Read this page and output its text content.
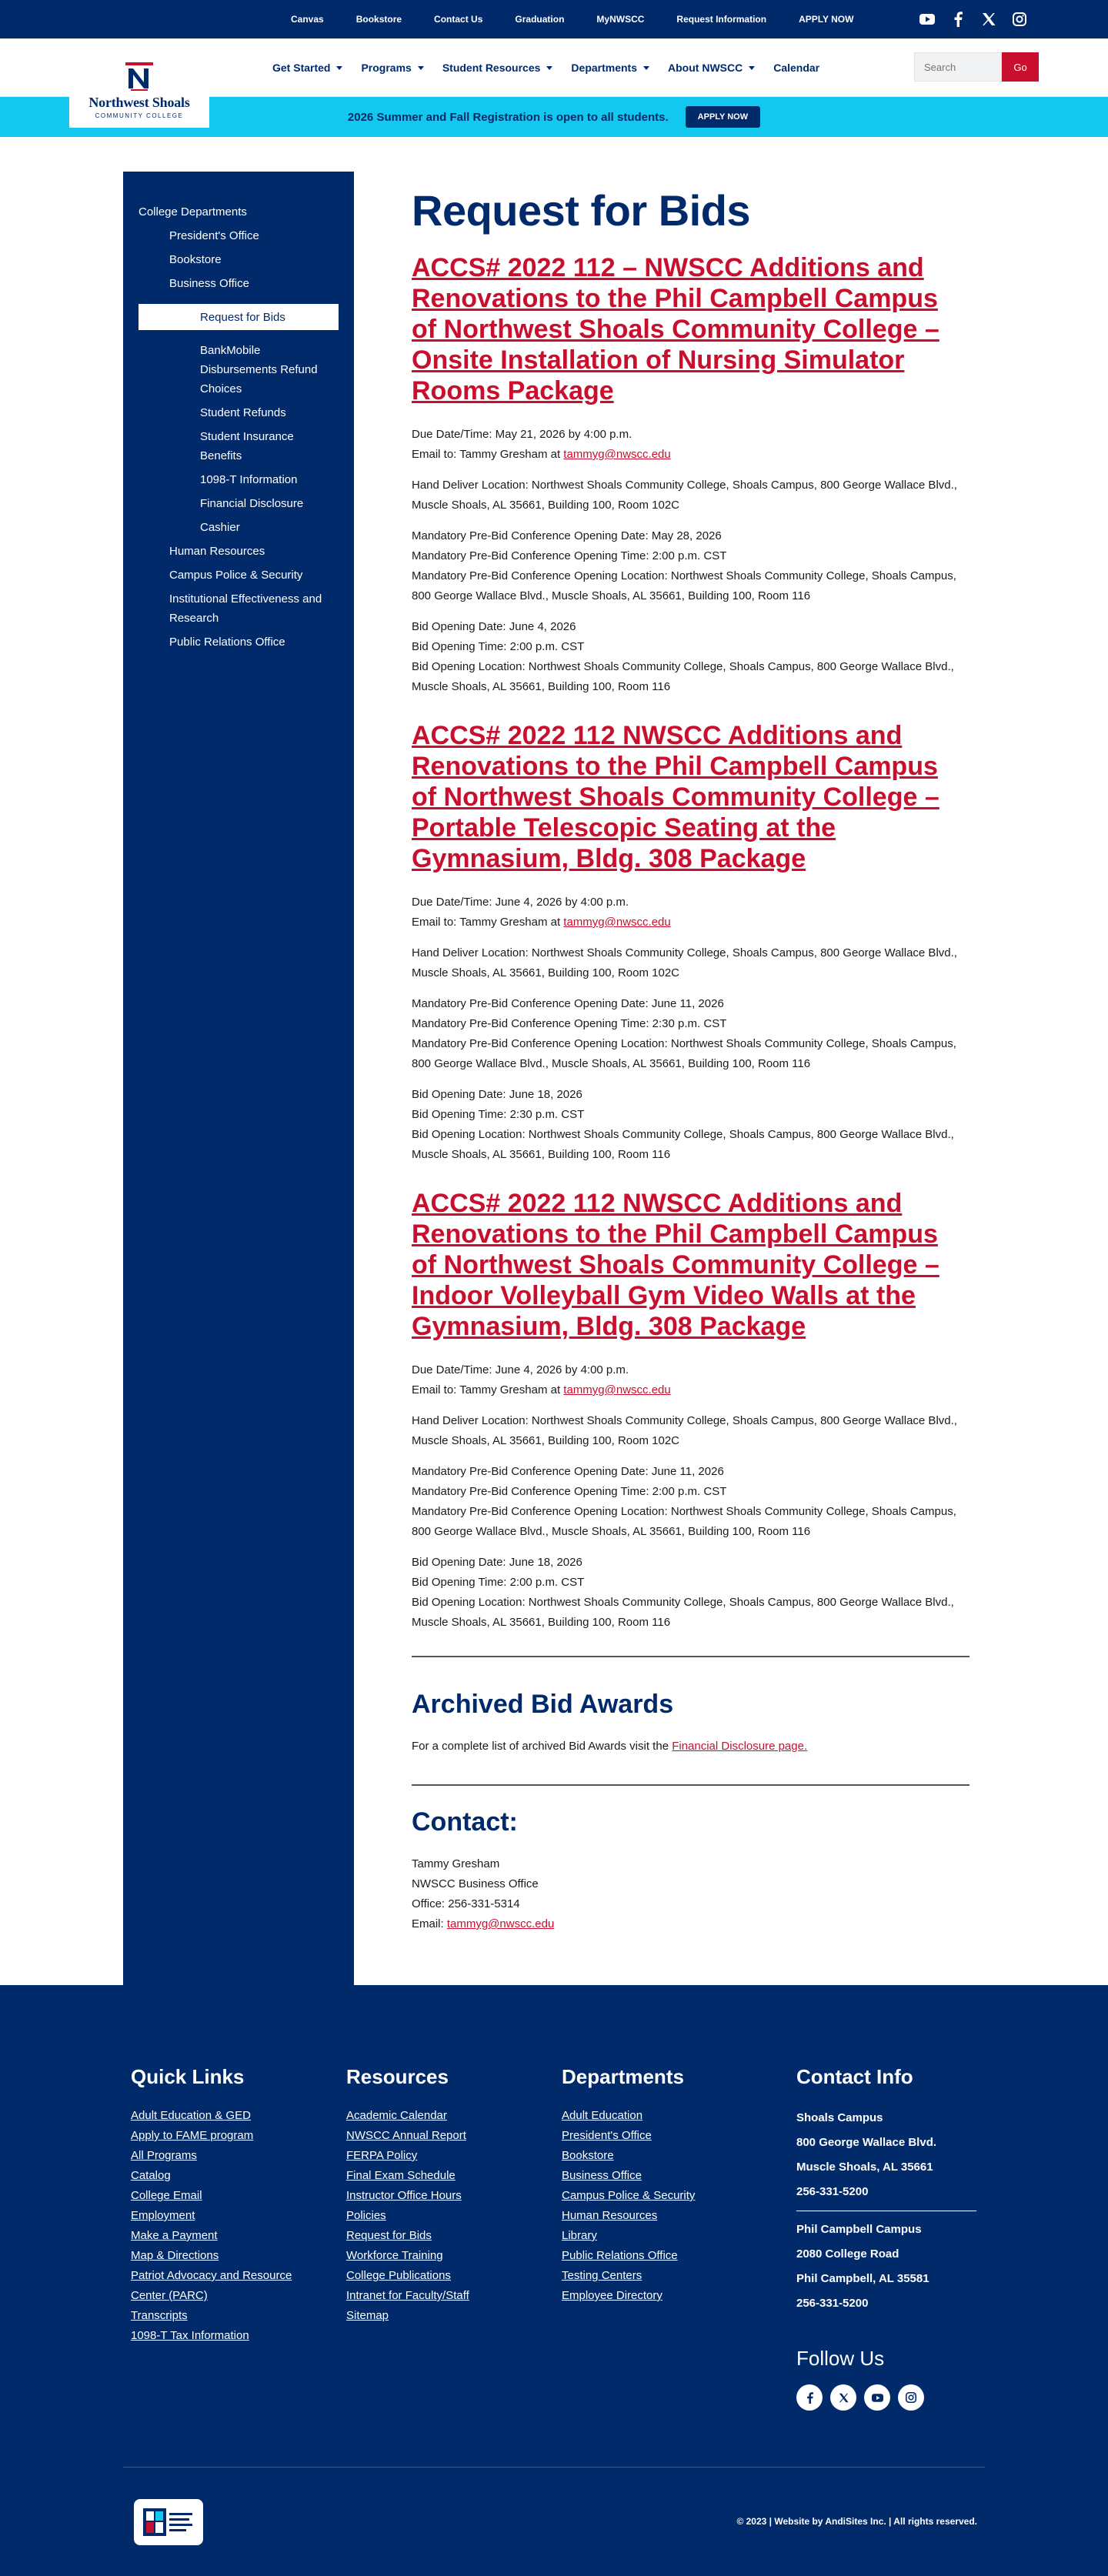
Canvas	Bookstore	Contact Us	Graduation	MyNWSCC	Request Information	APPLY NOW
Northwest Shoals
COMMUNITY COLLEGE
Get Started	Programs	Student Resources	Departments	About NWSCC	Calendar
Search	Go
2026 Summer and Fall Registration is open to all students.	APPLY NOW
College Departments
President's Office
Bookstore
Business Office
Request for Bids
BankMobile Disbursements Refund Choices
Student Refunds
Student Insurance Benefits
1098-T Information
Financial Disclosure
Cashier
Human Resources
Campus Police & Security
Institutional Effectiveness and Research
Public Relations Office
Request for Bids
ACCS# 2022 112 – NWSCC Additions and Renovations to the Phil Campbell Campus of Northwest Shoals Community College – Onsite Installation of Nursing Simulator Rooms Package

Due Date/Time: May 21, 2026 by 4:00 p.m.
Email to: Tammy Gresham at tammyg@nwscc.edu

Hand Deliver Location: Northwest Shoals Community College, Shoals Campus, 800 George Wallace Blvd., Muscle Shoals, AL 35661, Building 100, Room 102C

Mandatory Pre-Bid Conference Opening Date: May 28, 2026
Mandatory Pre-Bid Conference Opening Time: 2:00 p.m. CST
Mandatory Pre-Bid Conference Opening Location: Northwest Shoals Community College, Shoals Campus, 800 George Wallace Blvd., Muscle Shoals, AL 35661, Building 100, Room 116

Bid Opening Date: June 4, 2026
Bid Opening Time: 2:00 p.m. CST
Bid Opening Location: Northwest Shoals Community College, Shoals Campus, 800 George Wallace Blvd., Muscle Shoals, AL 35661, Building 100, Room 116

ACCS# 2022 112 NWSCC Additions and Renovations to the Phil Campbell Campus of Northwest Shoals Community College – Portable Telescopic Seating at the Gymnasium, Bldg. 308 Package

Due Date/Time: June 4, 2026 by 4:00 p.m.
Email to: Tammy Gresham at tammyg@nwscc.edu

Hand Deliver Location: Northwest Shoals Community College, Shoals Campus, 800 George Wallace Blvd., Muscle Shoals, AL 35661, Building 100, Room 102C

Mandatory Pre-Bid Conference Opening Date: June 11, 2026
Mandatory Pre-Bid Conference Opening Time: 2:30 p.m. CST
Mandatory Pre-Bid Conference Opening Location: Northwest Shoals Community College, Shoals Campus, 800 George Wallace Blvd., Muscle Shoals, AL 35661, Building 100, Room 116

Bid Opening Date: June 18, 2026
Bid Opening Time: 2:30 p.m. CST
Bid Opening Location: Northwest Shoals Community College, Shoals Campus, 800 George Wallace Blvd., Muscle Shoals, AL 35661, Building 100, Room 116

ACCS# 2022 112 NWSCC Additions and Renovations to the Phil Campbell Campus of Northwest Shoals Community College – Indoor Volleyball Gym Video Walls at the Gymnasium, Bldg. 308 Package

Due Date/Time: June 4, 2026 by 4:00 p.m.
Email to: Tammy Gresham at tammyg@nwscc.edu

Hand Deliver Location: Northwest Shoals Community College, Shoals Campus, 800 George Wallace Blvd., Muscle Shoals, AL 35661, Building 100, Room 102C

Mandatory Pre-Bid Conference Opening Date: June 11, 2026
Mandatory Pre-Bid Conference Opening Time: 2:00 p.m. CST
Mandatory Pre-Bid Conference Opening Location: Northwest Shoals Community College, Shoals Campus, 800 George Wallace Blvd., Muscle Shoals, AL 35661, Building 100, Room 116

Bid Opening Date: June 18, 2026
Bid Opening Time: 2:00 p.m. CST
Bid Opening Location: Northwest Shoals Community College, Shoals Campus, 800 George Wallace Blvd., Muscle Shoals, AL 35661, Building 100, Room 116

Archived Bid Awards

For a complete list of archived Bid Awards visit the Financial Disclosure page.

Contact:

Tammy Gresham
NWSCC Business Office
Office: 256-331-5314
Email: tammyg@nwscc.edu

Quick Links
Adult Education & GED
Apply to FAME program
All Programs
Catalog
College Email
Employment
Make a Payment
Map & Directions
Patriot Advocacy and Resource Center (PARC)
Transcripts
1098-T Tax Information
Resources
Academic Calendar
NWSCC Annual Report
FERPA Policy
Final Exam Schedule
Instructor Office Hours
Policies
Request for Bids
Workforce Training
College Publications
Intranet for Faculty/Staff
Sitemap
Departments
Adult Education
President's Office
Bookstore
Business Office
Campus Police & Security
Human Resources
Library
Public Relations Office
Testing Centers
Employee Directory
Contact Info
Shoals Campus
800 George Wallace Blvd.
Muscle Shoals, AL 35661
256-331-5200
Phil Campbell Campus
2080 College Road
Phil Campbell, AL 35581
256-331-5200
Follow Us
© 2023 | Website by AndiSites Inc. | All rights reserved.
